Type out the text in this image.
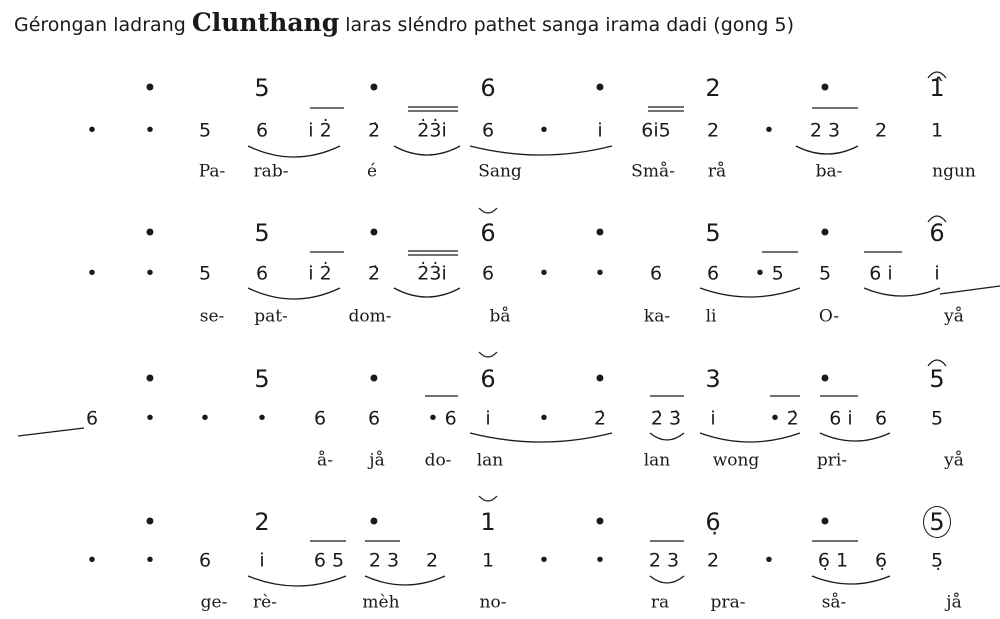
Gérongan ladrang Clunthang laras sléndro pathet sanga irama dadi (gong 5)
•	5	•	6	•	2	•	1̂
• • 5 6 i̇ 2̇ 2̇ 2̇3̇i̇ 6 •	i̇ 6i̇5 2 • 2 3 2 1
Pa- rab-	é	Sang	Små- rå	ba-	ngun
•	5	•	6	•	5	•	6
• • 5 6 i̇ 2̇ 2̇ 2̇3̇i̇ 6 • • 6 6 • 5 5 6 i̇ i̇
se- pat-	dom-	bå	ka- li	O-	yå
•	5	•	6	•	3	•	5
6 • • • 6 6 • 6 i̇	• 2̇ 2̇ 3̇ i̇	• 2̇ 6 i̇ 6 5
å- jå do- lan	lan wong	pri-	yå
•	2	•	1	•	6̣	•	5
• • 6	i̇	6 5 2 3 2 1 • • 2 3 2 • 6̣ 1 6̣ 5̣
ge- rè-	mèh	no-	ra pra-	så-	jå
